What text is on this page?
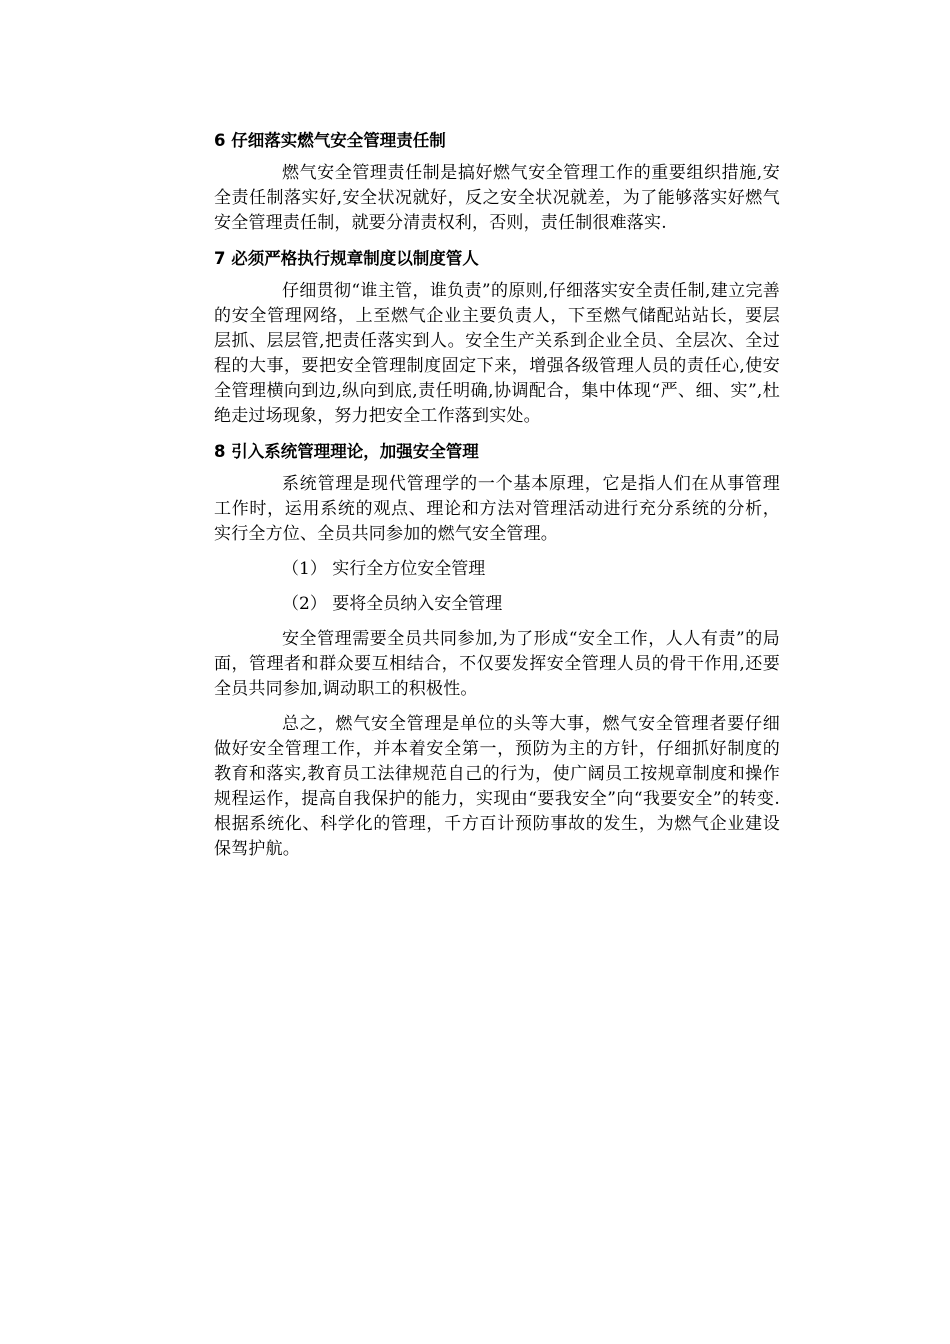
6 仔细落实燃气安全管理责任制

燃气安全管理责任制是搞好燃气安全管理工作的重要组织措施,安全责任制落实好,安全状况就好，反之安全状况就差，为了能够落实好燃气安全管理责任制，就要分清责权利，否则，责任制很难落实.

7 必须严格执行规章制度以制度管人

仔细贯彻“谁主管，谁负责”的原则,仔细落实安全责任制,建立完善的安全管理网络，上至燃气企业主要负责人，下至燃气储配站站长，要层层抓、层层管,把责任落实到人。安全生产关系到企业全员、全层次、全过程的大事，要把安全管理制度固定下来，增强各级管理人员的责任心,使安全管理横向到边,纵向到底,责任明确,协调配合，集中体现“严、细、实”,杜绝走过场现象，努力把安全工作落到实处。

8 引入系统管理理论，加强安全管理

系统管理是现代管理学的一个基本原理，它是指人们在从事管理工作时，运用系统的观点、理论和方法对管理活动进行充分系统的分析，实行全方位、全员共同参加的燃气安全管理。

（1） 实行全方位安全管理

（2） 要将全员纳入安全管理

安全管理需要全员共同参加,为了形成“安全工作，人人有责”的局面，管理者和群众要互相结合，不仅要发挥安全管理人员的骨干作用,还要全员共同参加,调动职工的积极性。

总之，燃气安全管理是单位的头等大事，燃气安全管理者要仔细做好安全管理工作，并本着安全第一，预防为主的方针，仔细抓好制度的教育和落实,教育员工法律规范自己的行为，使广阔员工按规章制度和操作规程运作，提高自我保护的能力，实现由“要我安全”向“我要安全”的转变.根据系统化、科学化的管理，千方百计预防事故的发生，为燃气企业建设保驾护航。
